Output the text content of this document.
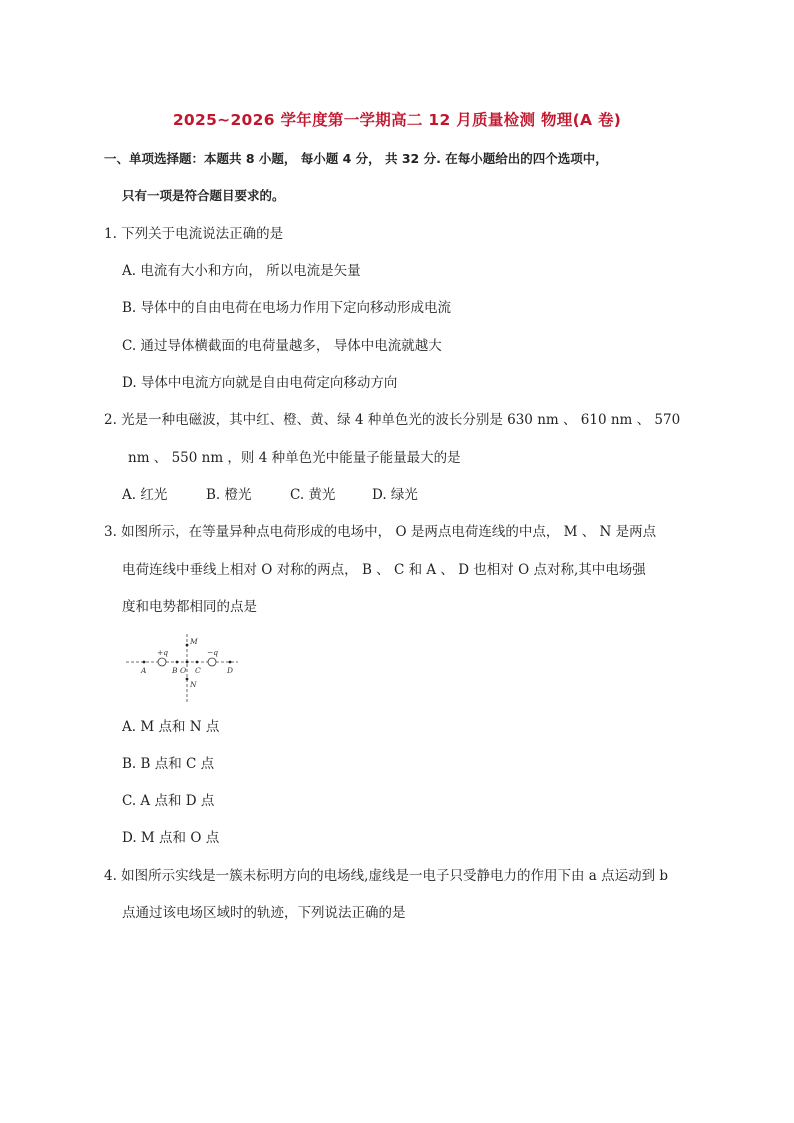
2025~2026 学年度第一学期高二 12 月质量检测 物理(A 卷)
一、单项选择题：本题共 8 小题， 每小题 4 分， 共 32 分. 在每小题给出的四个选项中，
只有一项是符合题目要求的。
1. 下列关于电流说法正确的是
A. 电流有大小和方向， 所以电流是矢量
B. 导体中的自由电荷在电场力作用下定向移动形成电流
C. 通过导体横截面的电荷量越多， 导体中电流就越大
D. 导体中电流方向就是自由电荷定向移动方向
2. 光是一种电磁波，其中红、橙、黄、绿 4 种单色光的波长分别是 630 nm 、 610 nm 、 570
nm 、 550 nm ，则 4 种单色光中能量子能量最大的是
A. 红光	B. 橙光	C. 黄光	D. 绿光
3. 如图所示，在等量异种点电荷形成的电场中， O 是两点电荷连线的中点， M 、 N 是两点
电荷连线中垂线上相对 O 对称的两点， B 、 C 和 A 、 D 也相对 O 点对称,其中电场强
度和电势都相同的点是
+q	−q
M
N
A	B O C	D
A. M 点和 N 点
B. B 点和 C 点
C. A 点和 D 点
D. M 点和 O 点
4. 如图所示实线是一簇未标明方向的电场线,虚线是一电子只受静电力的作用下由 a 点运动到 b
点通过该电场区域时的轨迹，下列说法正确的是
